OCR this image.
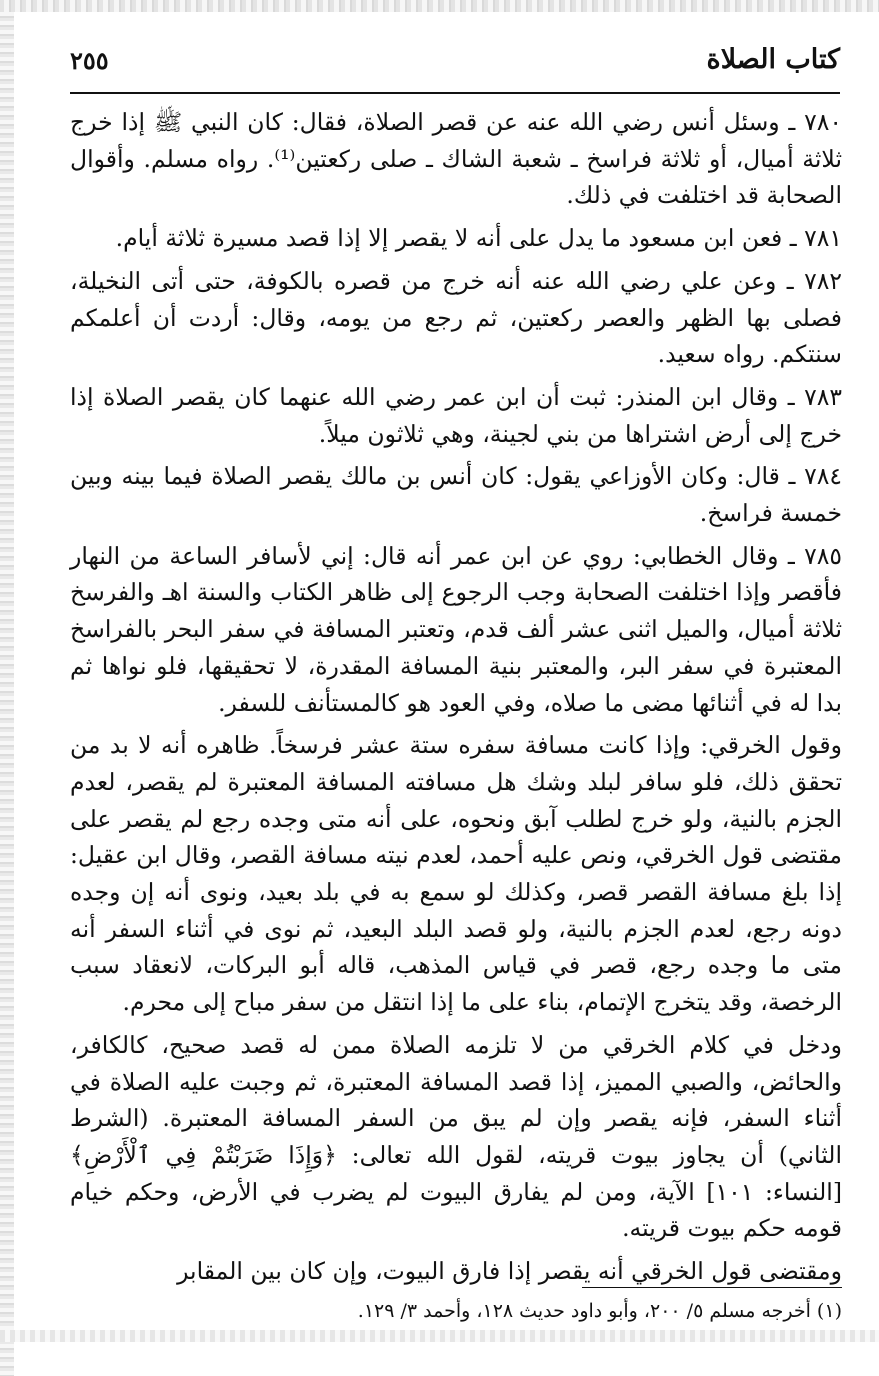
كتاب الصلاة
٢٥٥

٧٨٠ ـ وسئل أنس رضي الله عنه عن قصر الصلاة، فقال: كان النبي ﷺ إذا خرج ثلاثة أميال، أو ثلاثة فراسخ ـ شعبة الشاك ـ صلى ركعتين⁽¹⁾. رواه مسلم. وأقوال الصحابة قد اختلفت في ذلك.

٧٨١ ـ فعن ابن مسعود ما يدل على أنه لا يقصر إلا إذا قصد مسيرة ثلاثة أيام.

٧٨٢ ـ وعن علي رضي الله عنه أنه خرج من قصره بالكوفة، حتى أتى النخيلة، فصلى بها الظهر والعصر ركعتين، ثم رجع من يومه، وقال: أردت أن أعلمكم سنتكم. رواه سعيد.

٧٨٣ ـ وقال ابن المنذر: ثبت أن ابن عمر رضي الله عنهما كان يقصر الصلاة إذا خرج إلى أرض اشتراها من بني لجينة، وهي ثلاثون ميلاً.

٧٨٤ ـ قال: وكان الأوزاعي يقول: كان أنس بن مالك يقصر الصلاة فيما بينه وبين خمسة فراسخ.

٧٨٥ ـ وقال الخطابي: روي عن ابن عمر أنه قال: إني لأسافر الساعة من النهار فأقصر وإذا اختلفت الصحابة وجب الرجوع إلى ظاهر الكتاب والسنة اهـ والفرسخ ثلاثة أميال، والميل اثنى عشر ألف قدم، وتعتبر المسافة في سفر البحر بالفراسخ المعتبرة في سفر البر، والمعتبر بنية المسافة المقدرة، لا تحقيقها، فلو نواها ثم بدا له في أثنائها مضى ما صلاه، وفي العود هو كالمستأنف للسفر.

وقول الخرقي: وإذا كانت مسافة سفره ستة عشر فرسخاً. ظاهره أنه لا بد من تحقق ذلك، فلو سافر لبلد وشك هل مسافته المسافة المعتبرة لم يقصر، لعدم الجزم بالنية، ولو خرج لطلب آبق ونحوه، على أنه متى وجده رجع لم يقصر على مقتضى قول الخرقي، ونص عليه أحمد، لعدم نيته مسافة القصر، وقال ابن عقيل: إذا بلغ مسافة القصر قصر، وكذلك لو سمع به في بلد بعيد، ونوى أنه إن وجده دونه رجع، لعدم الجزم بالنية، ولو قصد البلد البعيد، ثم نوى في أثناء السفر أنه متى ما وجده رجع، قصر في قياس المذهب، قاله أبو البركات، لانعقاد سبب الرخصة، وقد يتخرج الإتمام، بناء على ما إذا انتقل من سفر مباح إلى محرم.

ودخل في كلام الخرقي من لا تلزمه الصلاة ممن له قصد صحيح، كالكافر، والحائض، والصبي المميز، إذا قصد المسافة المعتبرة، ثم وجبت عليه الصلاة في أثناء السفر، فإنه يقصر وإن لم يبق من السفر المسافة المعتبرة. (الشرط الثاني) أن يجاوز بيوت قريته، لقول الله تعالى: ﴿وَإِذَا ضَرَبْتُمْ فِي ٱلْأَرْضِ﴾ [النساء: ١٠١] الآية، ومن لم يفارق البيوت لم يضرب في الأرض، وحكم خيام قومه حكم بيوت قريته.

ومقتضى قول الخرقي أنه يقصر إذا فارق البيوت، وإن كان بين المقابر

(١) أخرجه مسلم ٥/ ٢٠٠، وأبو داود حديث ١٢٨، وأحمد ٣/ ١٢٩.
